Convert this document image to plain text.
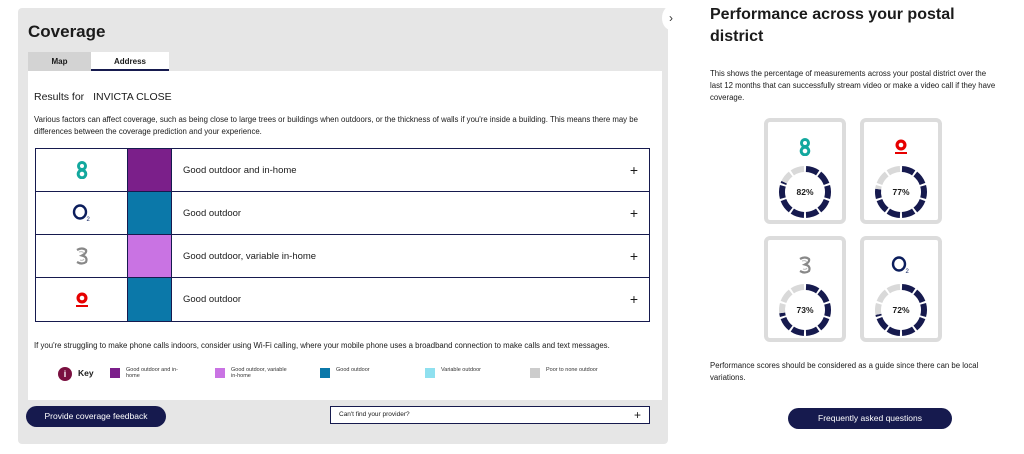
Coverage
Map	Address
Results for INVICTA CLOSE
Various factors can affect coverage, such as being close to large trees or buildings when outdoors, or the thickness of walls if you're inside a building. This means there may be differences between the coverage prediction and your experience.
Good outdoor and in-home	+
2
Good outdoor	+
Good outdoor, variable in-home	+
Good outdoor	+
If you're struggling to make phone calls indoors, consider using Wi-Fi calling, where your mobile phone uses a broadband connection to make calls and text messages.
i	Key	Good outdoor and in-home
Good outdoor, variable in-home
Good outdoor	Variable outdoor	Poor to none outdoor
Provide coverage feedback	Can't find your provider?	+
›	Performance across your postal district
This shows the percentage of measurements across your postal district over the last 12 months that can successfully stream video or make a video call if they have coverage.
82%	77%
73%
2
72%
Performance scores should be considered as a guide since there can be local variations.
Frequently asked questions
